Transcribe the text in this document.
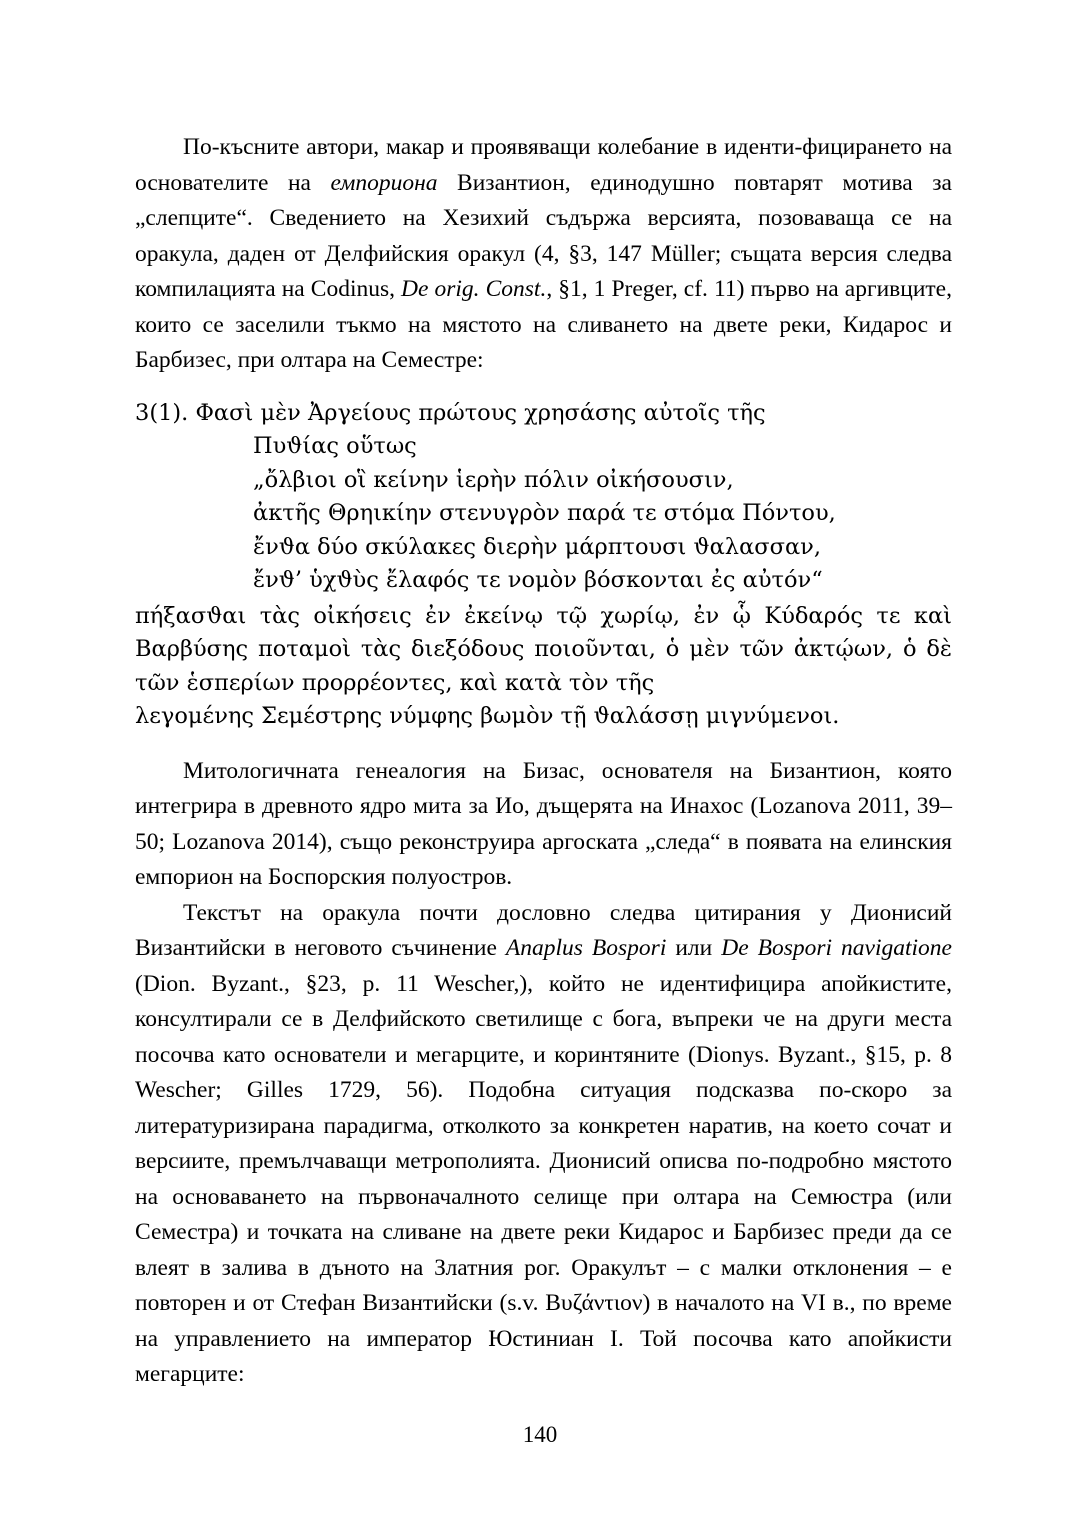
По-късните автори, макар и проявяващи колебание в иденти-фицирането на основателите на емпориона Византион, единодушно повтарят мотива за „слепците“. Сведението на Хезихий съдържа версията, позоваваща се на оракула, даден от Делфийския оракул (4, §3, 147 Müller; същата версия следва компилацията на Codinus, De orig. Const., §1, 1 Preger, cf. 11) първо на аргивците, които се заселили тъкмо на мястото на сливането на двете реки, Кидарос и Барбизес, при олтара на Семестре:

3(1). Φασὶ μὲν Ἀργείους πρώτους χρησάσης αὐτοῖς τῆς
Πυϑίας οὕτως
„ὄλβιοι οἳ κείνην ἱερὴν πόλιν οἰκήσουσιν,
ἀκτῆς Θρηικίην στενυγρὸν παρά τε στόμα Πόντου,
ἔνϑα δύο σκύλακες διερὴν μάρπτουσι ϑαλασσαν,
ἔνϑ’ ὑχϑὺς ἔλαφός τε νομὸν βόσκονται ἐς αὐτόν“
πήξασϑαι τὰς οἰκήσεις ἐν ἐκείνῳ τῷ χωρίῳ, ἐν ᾧ Κύδαρός τε καὶ Βαρβύσης ποταμοὶ τὰς διεξόδους ποιοῦνται, ὁ μὲν τῶν ἀκτῴων, ὁ δὲ τῶν ἑσπερίων προρρέοντες, καὶ κατὰ τὸν τῆς
λεγομένης Σεμέστρης νύμφης βωμὸν τῇ ϑαλάσσῃ μιγνύμενοι.

Митологичната генеалогия на Бизас, основателя на Бизантион, която интегрира в древното ядро мита за Ио, дъщерята на Инахос (Lozanova 2011, 39–50; Lozanova 2014), също реконструира аргоската „следа“ в появата на елинския емпорион на Боспорския полуостров.

Текстът на оракула почти дословно следва цитирания у Дионисий Византийски в неговото съчинение Anaplus Bospori или De Bospori navigatione (Dion. Byzant., §23, p. 11 Wescher,), който не идентифицира апойкистите, консултирали се в Делфийското светилище с бога, въпреки че на други места посочва като основатели и мегарците, и коринтяните (Dionys. Byzant., §15, p. 8 Wescher; Gilles 1729, 56). Подобна ситуация подсказва по-скоро за литературизирана парадигма, отколкото за конкретен наратив, на което сочат и версиите, премълчаващи метрополията. Дионисий описва по-подробно мястото на основаването на първоначалното селище при олтара на Семюстра (или Семестра) и точката на сливане на двете реки Кидарос и Барбизес преди да се влеят в залива в дъното на Златния рог. Оракулът – с малки отклонения – е повторен и от Стефан Византийски (s.v. Βυζάντιον) в началото на VI в., по време на управлението на император Юстиниан I. Той посочва като апойкисти мегарците:

140
